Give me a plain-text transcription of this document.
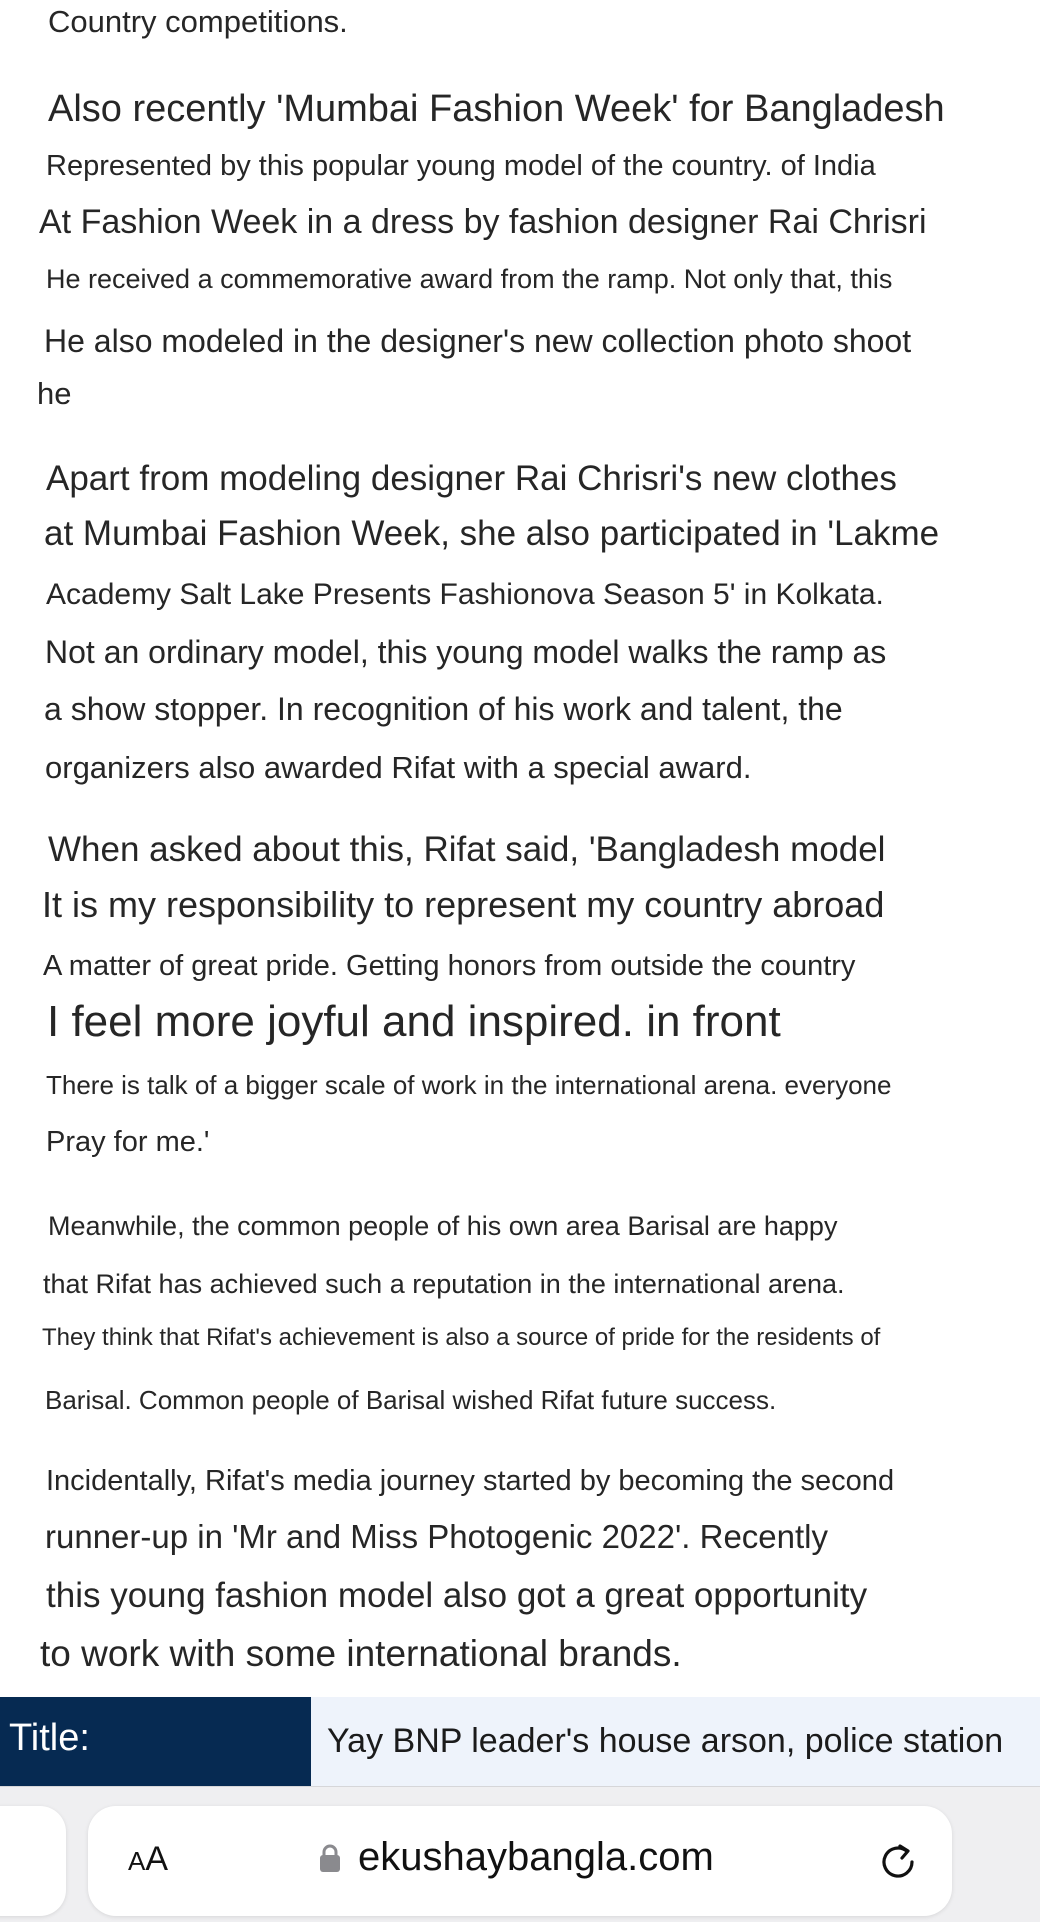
Country competitions.
Also recently 'Mumbai Fashion Week' for Bangladesh
Represented by this popular young model of the country. of India
At Fashion Week in a dress by fashion designer Rai Chrisri
He received a commemorative award from the ramp. Not only that, this
He also modeled in the designer's new collection photo shoot
he
Apart from modeling designer Rai Chrisri's new clothes
at Mumbai Fashion Week, she also participated in 'Lakme
Academy Salt Lake Presents Fashionova Season 5' in Kolkata.
Not an ordinary model, this young model walks the ramp as
a show stopper. In recognition of his work and talent, the
organizers also awarded Rifat with a special award.
When asked about this, Rifat said, 'Bangladesh model
It is my responsibility to represent my country abroad
A matter of great pride. Getting honors from outside the country
I feel more joyful and inspired. in front
There is talk of a bigger scale of work in the international arena. everyone
Pray for me.'
Meanwhile, the common people of his own area Barisal are happy
that Rifat has achieved such a reputation in the international arena.
They think that Rifat's achievement is also a source of pride for the residents of
Barisal. Common people of Barisal wished Rifat future success.
Incidentally, Rifat's media journey started by becoming the second
runner-up in 'Mr and Miss Photogenic 2022'. Recently
this young fashion model also got a great opportunity
to work with some international brands.
Title:	Yay BNP leader's house arson, police station
AA	ekushaybangla.com
